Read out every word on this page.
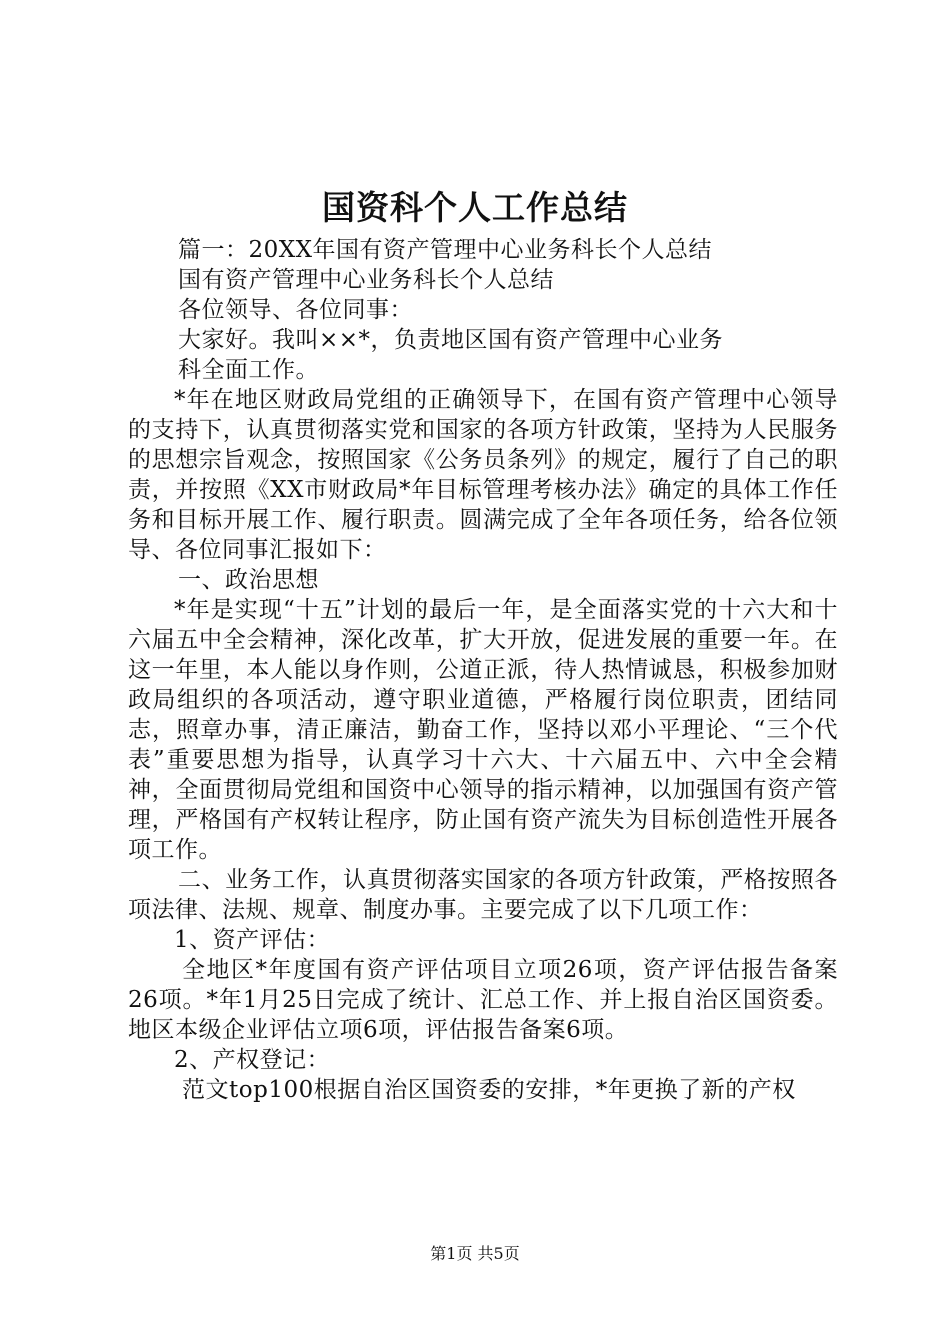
国资科个人工作总结
篇一：20XX年国有资产管理中心业务科长个人总结
国有资产管理中心业务科长个人总结
各位领导、各位同事：
大家好。我叫××*，负责地区国有资产管理中心业务
科全面工作。

*年在地区财政局党组的正确领导下，在国有资产管理中心领导的支持下，认真贯彻落实党和国家的各项方针政策，坚持为人民服务的思想宗旨观念，按照国家《公务员条列》的规定，履行了自己的职责，并按照《XX市财政局*年目标管理考核办法》确定的具体工作任务和目标开展工作、履行职责。圆满完成了全年各项任务，给各位领导、各位同事汇报如下：

一、政治思想

*年是实现“十五”计划的最后一年，是全面落实党的十六大和十六届五中全会精神，深化改革，扩大开放，促进发展的重要一年。在这一年里，本人能以身作则，公道正派，待人热情诚恳，积极参加财政局组织的各项活动，遵守职业道德，严格履行岗位职责，团结同志，照章办事，清正廉洁，勤奋工作，坚持以邓小平理论、“三个代表”重要思想为指导，认真学习十六大、十六届五中、六中全会精神，全面贯彻局党组和国资中心领导的指示精神，以加强国有资产管理，严格国有产权转让程序，防止国有资产流失为目标创造性开展各项工作。

二、业务工作，认真贯彻落实国家的各项方针政策，严格按照各项法律、法规、规章、制度办事。主要完成了以下几项工作：

1、资产评估：

全地区*年度国有资产评估项目立项26项，资产评估报告备案26项。*年1月25日完成了统计、汇总工作、并上报自治区国资委。地区本级企业评估立项6项，评估报告备案6项。

2、产权登记：

范文top100根据自治区国资委的安排，*年更换了新的产权

第1页 共5页
